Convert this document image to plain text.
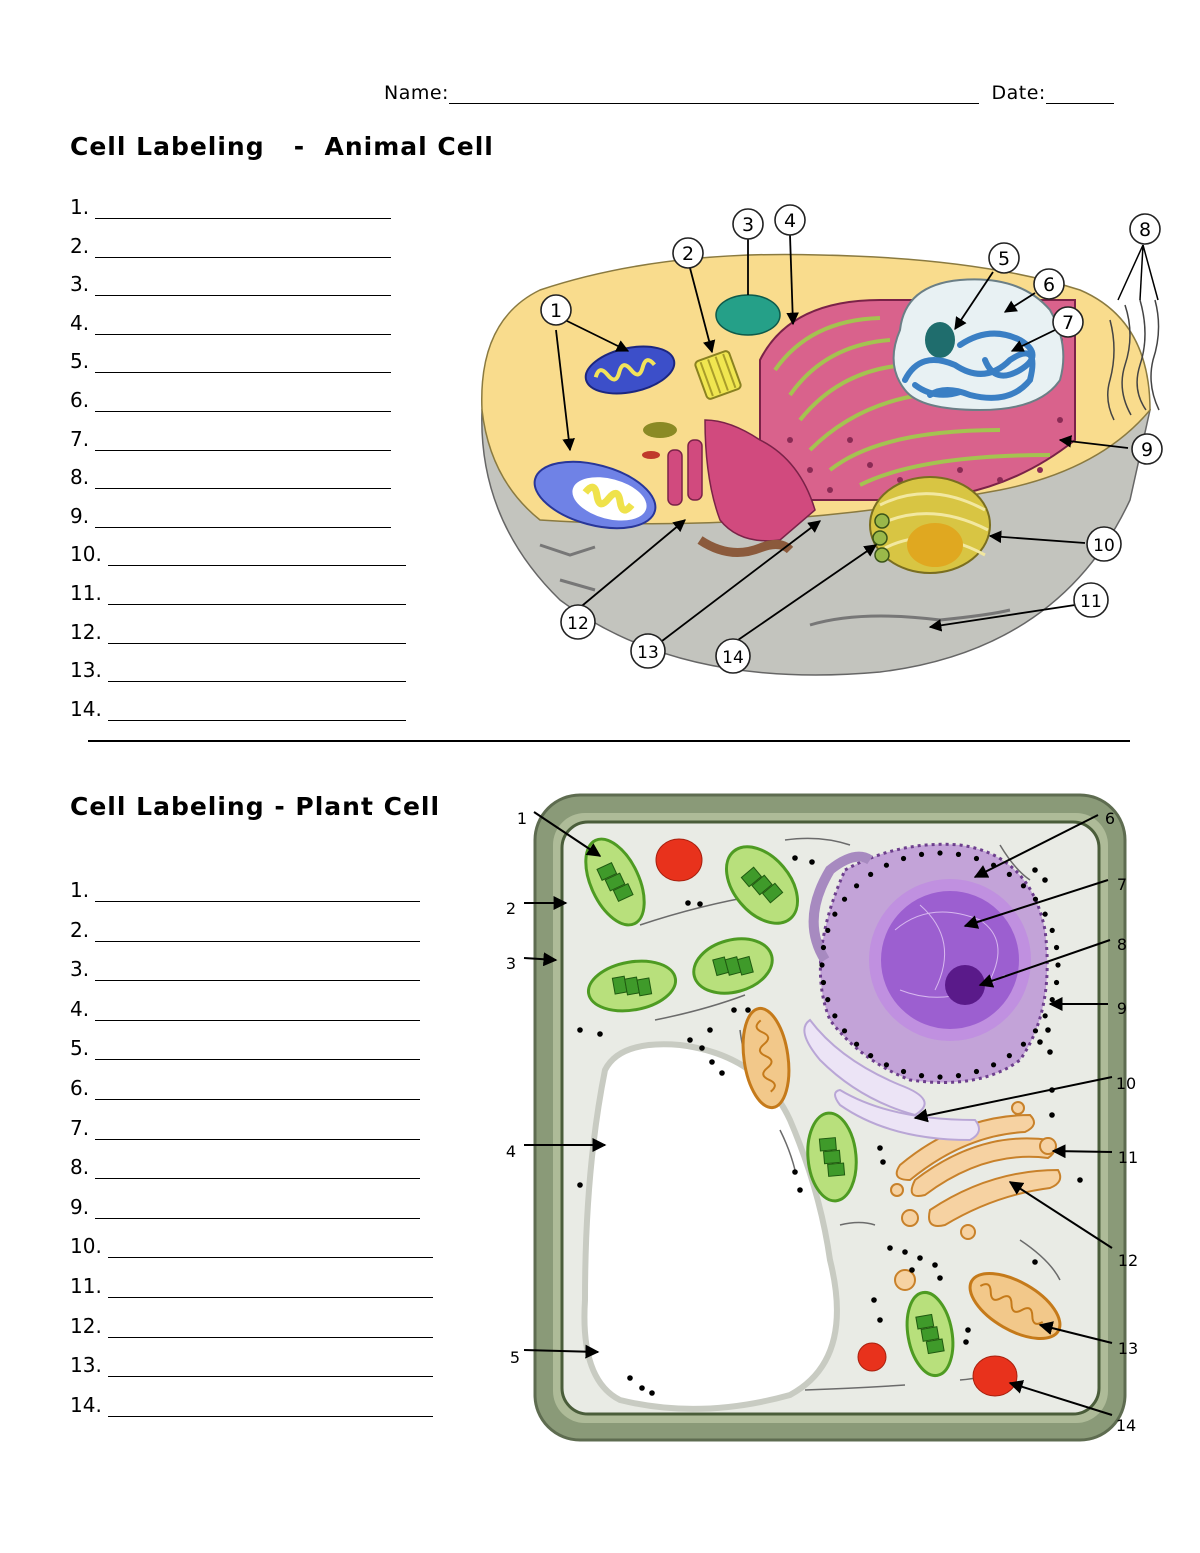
Name:	Date:
Cell Labeling   -  Animal Cell
1.
2.
3.
4.
5.
6.
7.
8.
9.
10.
11.
12.
13.
14.
Cell Labeling - Plant Cell
1.
2.
3.
4.
5.
6.
7.
8.
9.
10.
11.
12.
13.
14.
1
2
3 4
5
6
7
8
9
10
11
12
13	14
1
2
3
4
5
6
7
8
9
10
11
12
13
14
